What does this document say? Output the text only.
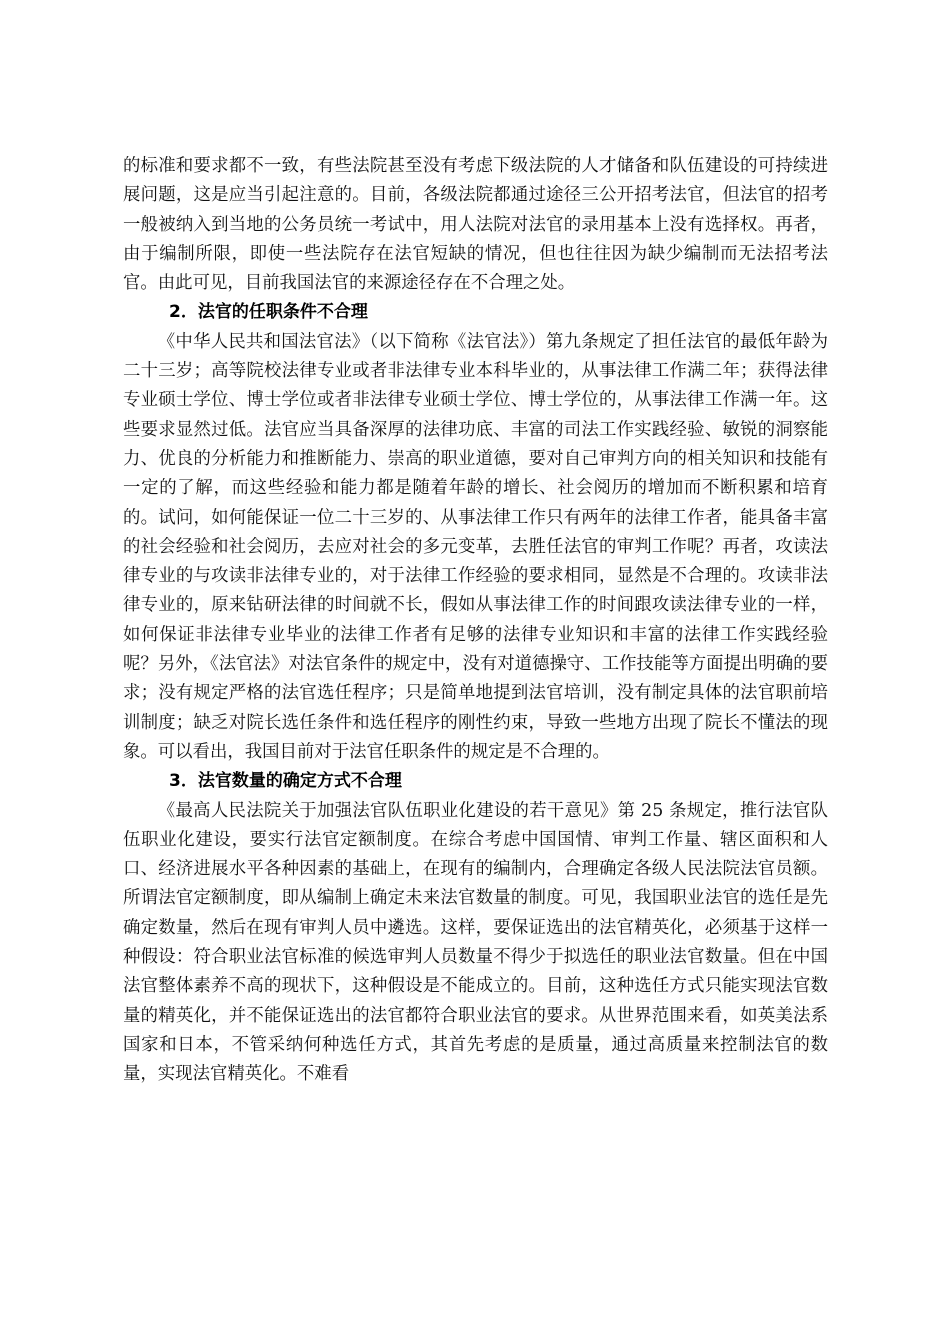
的标准和要求都不一致，有些法院甚至没有考虑下级法院的人才储备和队伍建设的可持续进展问题，这是应当引起注意的。目前，各级法院都通过途径三公开招考法官，但法官的招考一般被纳入到当地的公务员统一考试中，用人法院对法官的录用基本上没有选择权。再者，由于编制所限，即使一些法院存在法官短缺的情况，但也往往因为缺少编制而无法招考法官。由此可见，目前我国法官的来源途径存在不合理之处。

2．法官的任职条件不合理

《中华人民共和国法官法》（以下简称《法官法》）第九条规定了担任法官的最低年龄为二十三岁；高等院校法律专业或者非法律专业本科毕业的，从事法律工作满二年；获得法律专业硕士学位、博士学位或者非法律专业硕士学位、博士学位的，从事法律工作满一年。这些要求显然过低。法官应当具备深厚的法律功底、丰富的司法工作实践经验、敏锐的洞察能力、优良的分析能力和推断能力、崇高的职业道德，要对自己审判方向的相关知识和技能有一定的了解，而这些经验和能力都是随着年龄的增长、社会阅历的增加而不断积累和培育的。试问，如何能保证一位二十三岁的、从事法律工作只有两年的法律工作者，能具备丰富的社会经验和社会阅历，去应对社会的多元变革，去胜任法官的审判工作呢？再者，攻读法律专业的与攻读非法律专业的，对于法律工作经验的要求相同，显然是不合理的。攻读非法律专业的，原来钻研法律的时间就不长，假如从事法律工作的时间跟攻读法律专业的一样，如何保证非法律专业毕业的法律工作者有足够的法律专业知识和丰富的法律工作实践经验呢？另外，《法官法》对法官条件的规定中，没有对道德操守、工作技能等方面提出明确的要求；没有规定严格的法官选任程序；只是简单地提到法官培训，没有制定具体的法官职前培训制度；缺乏对院长选任条件和选任程序的刚性约束，导致一些地方出现了院长不懂法的现象。可以看出，我国目前对于法官任职条件的规定是不合理的。

3．法官数量的确定方式不合理

《最高人民法院关于加强法官队伍职业化建设的若干意见》第 25 条规定，推行法官队伍职业化建设，要实行法官定额制度。在综合考虑中国国情、审判工作量、辖区面积和人口、经济进展水平各种因素的基础上，在现有的编制内，合理确定各级人民法院法官员额。所谓法官定额制度，即从编制上确定未来法官数量的制度。可见，我国职业法官的选任是先确定数量，然后在现有审判人员中遴选。这样，要保证选出的法官精英化，必须基于这样一种假设：符合职业法官标准的候选审判人员数量不得少于拟选任的职业法官数量。但在中国法官整体素养不高的现状下，这种假设是不能成立的。目前，这种选任方式只能实现法官数量的精英化，并不能保证选出的法官都符合职业法官的要求。从世界范围来看，如英美法系国家和日本，不管采纳何种选任方式，其首先考虑的是质量，通过高质量来控制法官的数量，实现法官精英化。不难看
